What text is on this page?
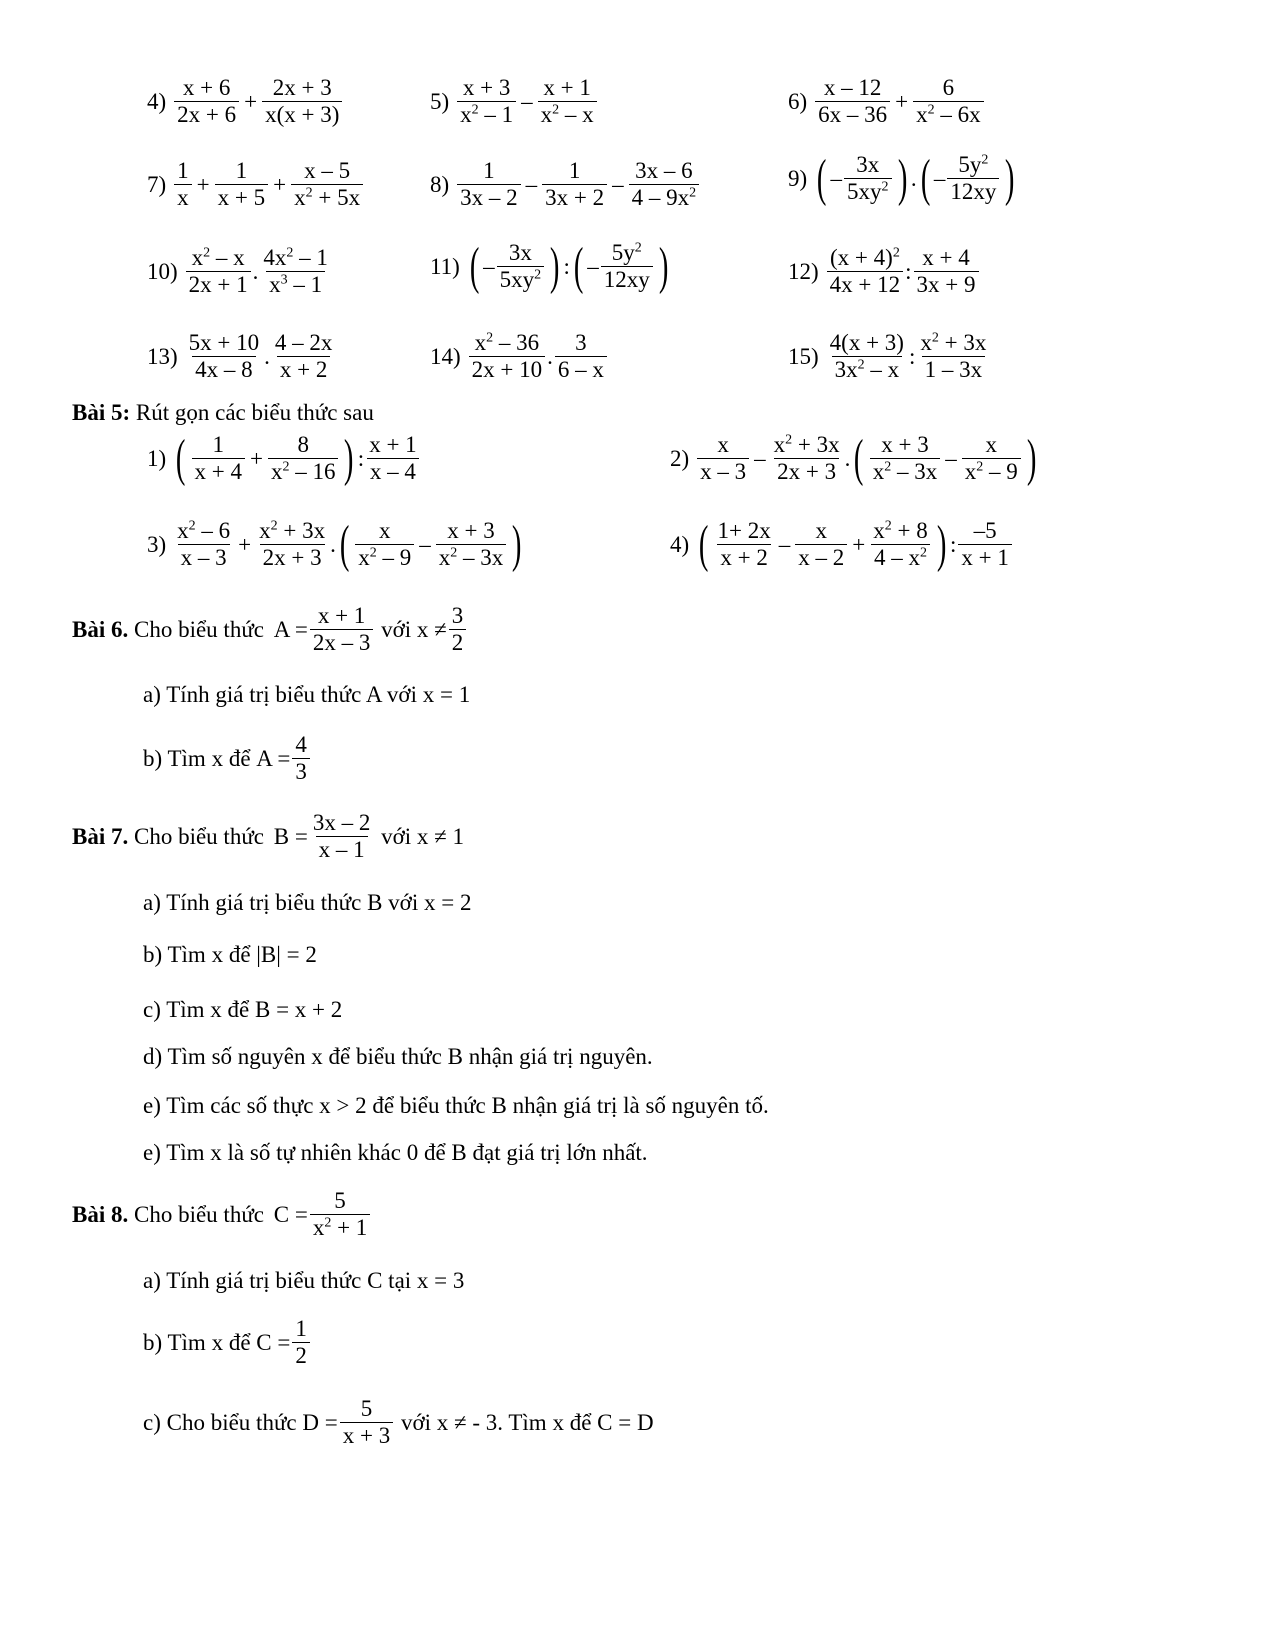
$4) \frac{x + 6}{2x + 6} + \frac{2x + 3}{x(x + 3)}$	$5) \frac{x + 3}{x^2 - 1} - \frac{x + 1}{x^2 - x}$	$6) \frac{x - 12}{6x - 36} + \frac{6}{x^2 - 6x}$
$7) \frac{1}{x} + \frac{1}{x + 5} + \frac{x - 5}{x^2 + 5x}$	$8) \frac{1}{3x - 2} - \frac{1}{3x + 2} - \frac{3x - 6}{4 - 9x^2}$	9) ( – $\frac{3x}{5xy^2}$ ) . ( – $\frac{5y^2}{12xy}$ )
$10) \frac{x^2 - x}{2x + 1}$ . $\frac{4x^2 - 1}{x^3 - 1}$	11) ( – $\frac{3x}{5xy^2}$ ) : ( – $\frac{5y^2}{12xy}$ )	$12) \frac{(x + 4)^2}{4x + 12}$ : $\frac{x + 4}{3x + 9}$
$13) \frac{5x + 10}{4x - 8}$ . $\frac{4 - 2x}{x + 2}$	$14) \frac{x^2 - 36}{2x + 10}$ . $\frac{3}{6 - x}$	$15) \frac{4(x + 3)}{3x^2 - x}$ : $\frac{x^2 + 3x}{1 - 3x}$
Bài 5: Rút gọn các biểu thức sau
1) ( $\frac{1}{x + 4} + \frac{8}{x^2 - 16}$ ) : $\frac{x + 1}{x - 4}$	$2) \frac{x}{x - 3} - \frac{x^2 + 3x}{2x + 3}$ . ( $\frac{x + 3}{x^2 - 3x} - \frac{x}{x^2 - 9}$ )
$3) \frac{x^2 - 6}{x - 3} + \frac{x^2 + 3x}{2x + 3}$ . ( $\frac{x}{x^2 - 9} - \frac{x + 3}{x^2 - 3x}$ )	4) ( $\frac{1+ 2x}{x + 2} - \frac{x}{x - 2} + \frac{x^2 + 8}{4 - x^2}$ ) : $\frac{-5}{x + 1}$
Bài 6. Cho biểu thức $A = \frac{x + 1}{2x - 3}$ với $x \ne \frac{3}{2}$
a) Tính giá trị biểu thức A với x = 1
b) Tìm x để $A = \frac{4}{3}$
Bài 7. Cho biểu thức $B = \frac{3x - 2}{x - 1}$ với x ≠ 1
a) Tính giá trị biểu thức B với x = 2
b) Tìm x để |B| = 2
c) Tìm x để B = x + 2
d) Tìm số nguyên x để biểu thức B nhận giá trị nguyên.
e) Tìm các số thực x > 2 để biểu thức B nhận giá trị là số nguyên tố.
e) Tìm x là số tự nhiên khác 0 để B đạt giá trị lớn nhất.
Bài 8. Cho biểu thức $C = \frac{5}{x^2 + 1}$
a) Tính giá trị biểu thức C tại x = 3
b) Tìm x để $C = \frac{1}{2}$
c) Cho biểu thức $D = \frac{5}{x + 3}$ với x ≠ - 3. Tìm x để C = D
